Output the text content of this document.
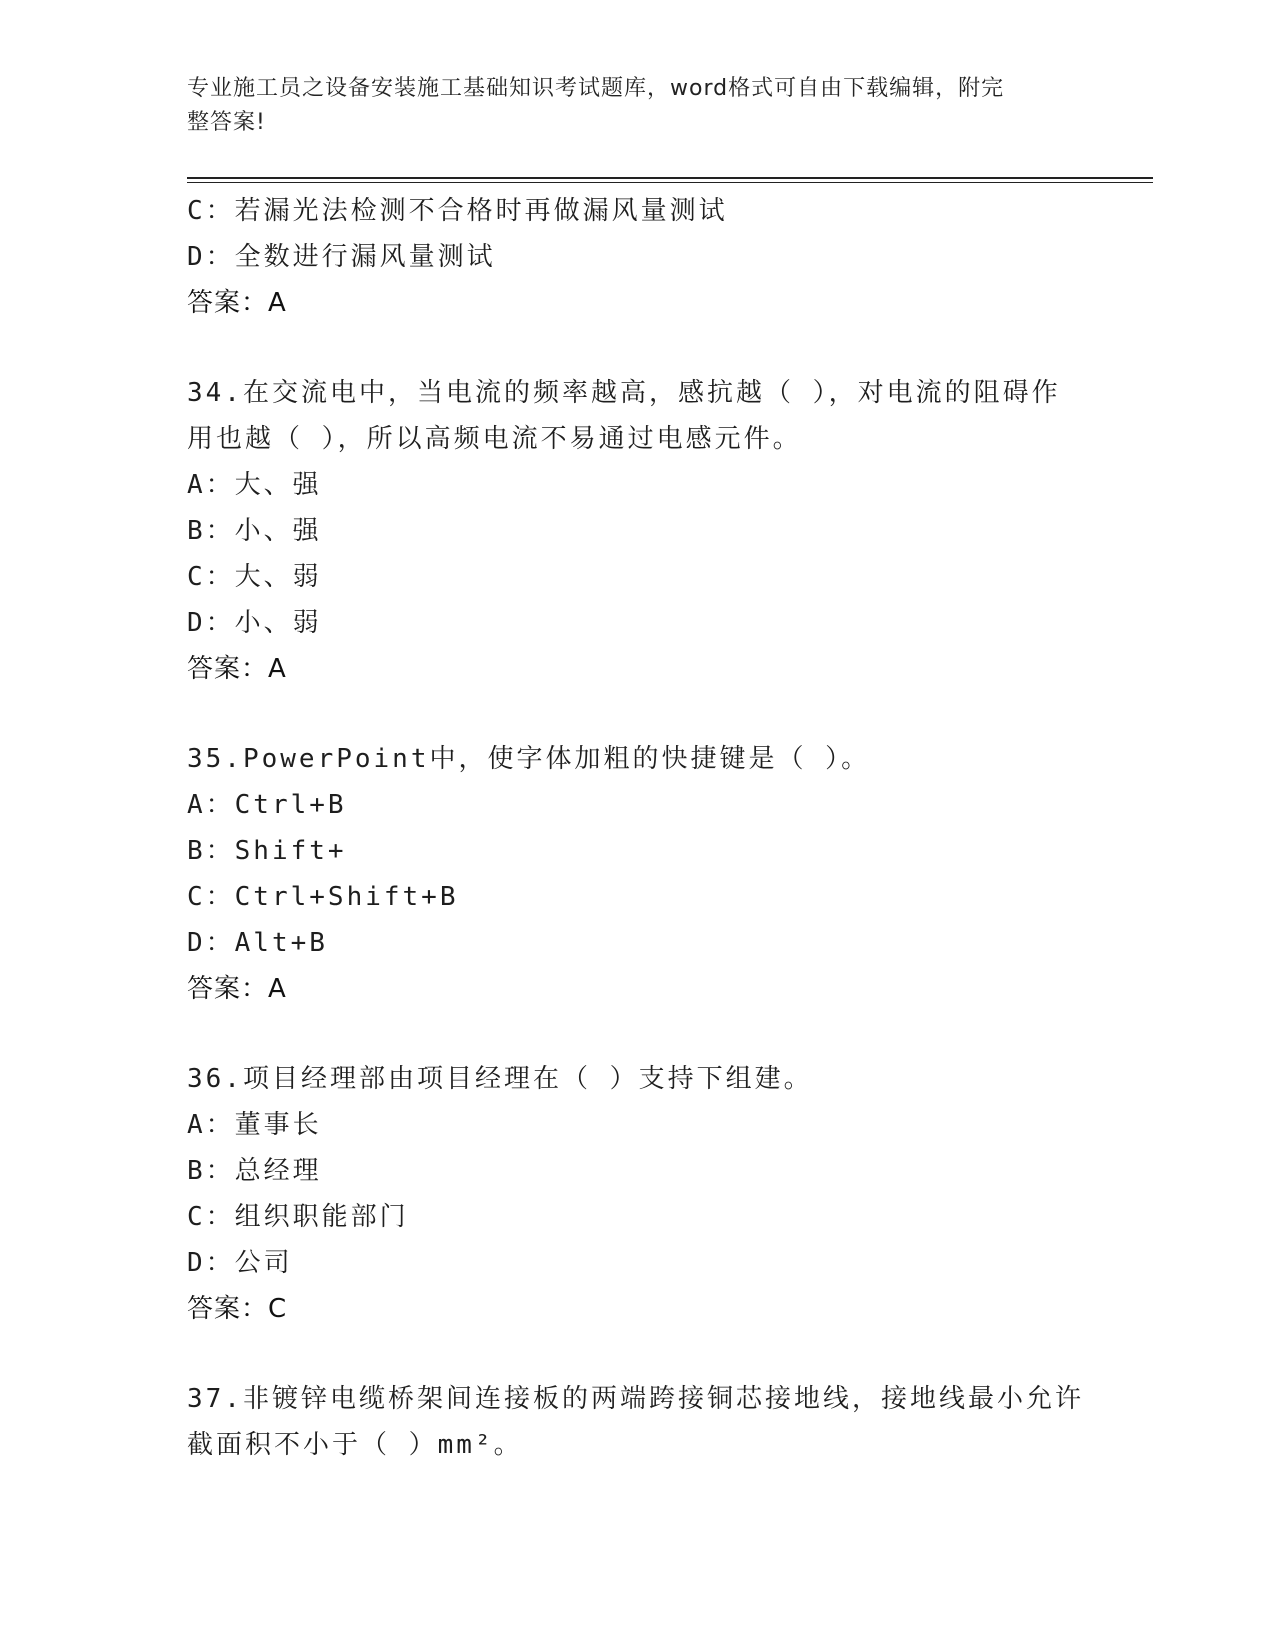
专业施工员之设备安装施工基础知识考试题库，word格式可自由下载编辑，附完
整答案!
C：若漏光法检测不合格时再做漏风量测试
D：全数进行漏风量测试
答案：A
34.在交流电中，当电流的频率越高，感抗越（ ），对电流的阻碍作
用也越（ ），所以高频电流不易通过电感元件。
A：大、强
B：小、强
C：大、弱
D：小、弱
答案：A
35.PowerPoint中，使字体加粗的快捷键是（ ）。
A：Ctrl+B
B：Shift+
C：Ctrl+Shift+B
D：Alt+B
答案：A
36.项目经理部由项目经理在（ ）支持下组建。
A：董事长
B：总经理
C：组织职能部门
D：公司
答案：C
37.非镀锌电缆桥架间连接板的两端跨接铜芯接地线，接地线最小允许
截面积不小于（ ）mm²。
